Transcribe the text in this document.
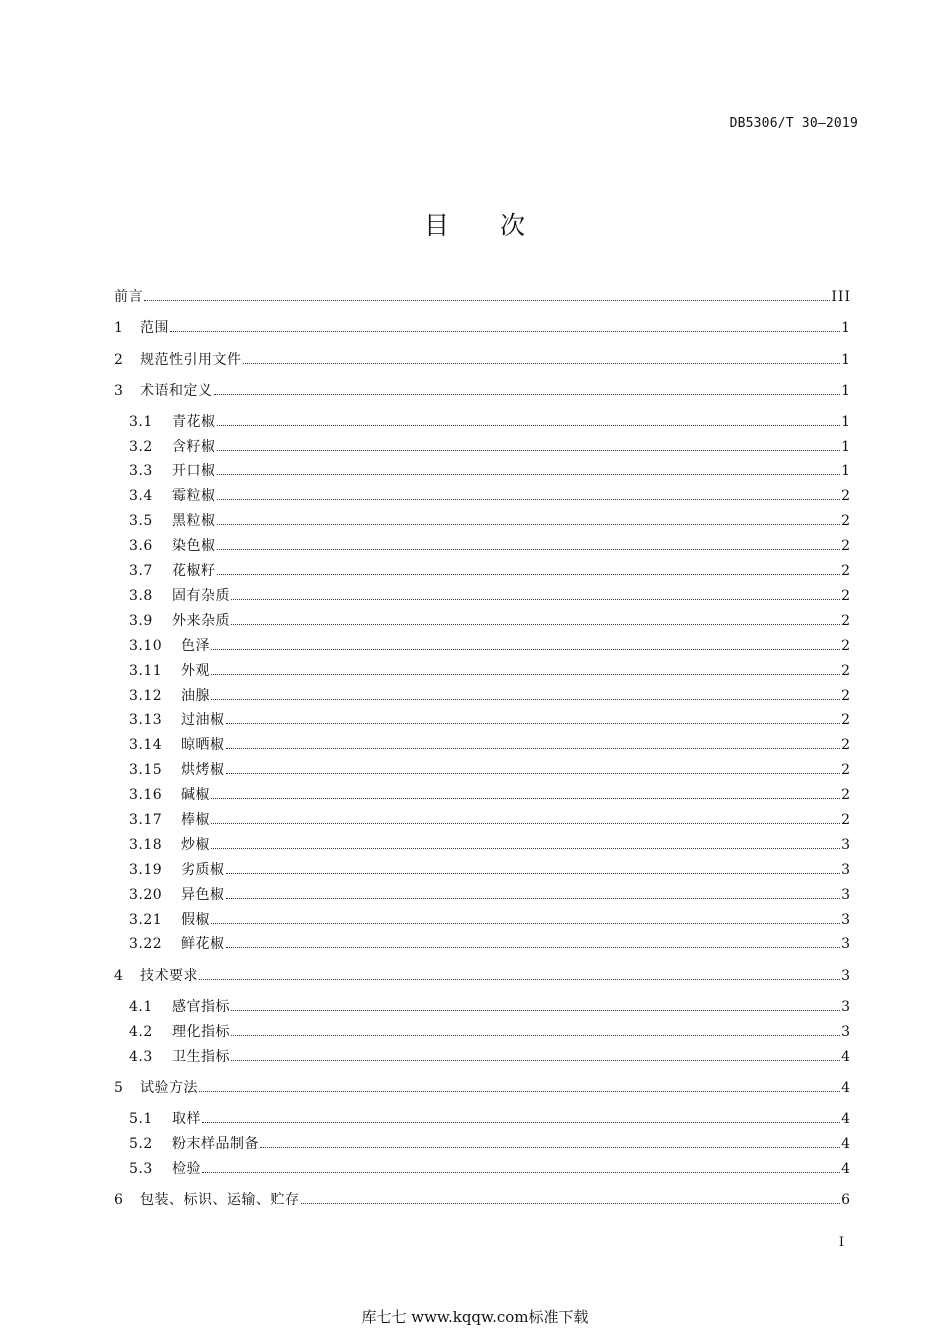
DB5306/T 30—2019
目 次
前言	III
1	范围	1
2	规范性引用文件	1
3	术语和定义	1
3.1	青花椒	1
3.2	含籽椒	1
3.3	开口椒	1
3.4	霉粒椒	2
3.5	黑粒椒	2
3.6	染色椒	2
3.7	花椒籽	2
3.8	固有杂质	2
3.9	外来杂质	2
3.10	色泽	2
3.11	外观	2
3.12	油腺	2
3.13	过油椒	2
3.14	晾晒椒	2
3.15	烘烤椒	2
3.16	碱椒	2
3.17	棒椒	2
3.18	炒椒	3
3.19	劣质椒	3
3.20	异色椒	3
3.21	假椒	3
3.22	鲜花椒	3
4	技术要求	3
4.1	感官指标	3
4.2	理化指标	3
4.3	卫生指标	4
5	试验方法	4
5.1	取样	4
5.2	粉末样品制备	4
5.3	检验	4
6	包装、标识、运输、贮存	6
I
库七七 www.kqqw.com标准下载
